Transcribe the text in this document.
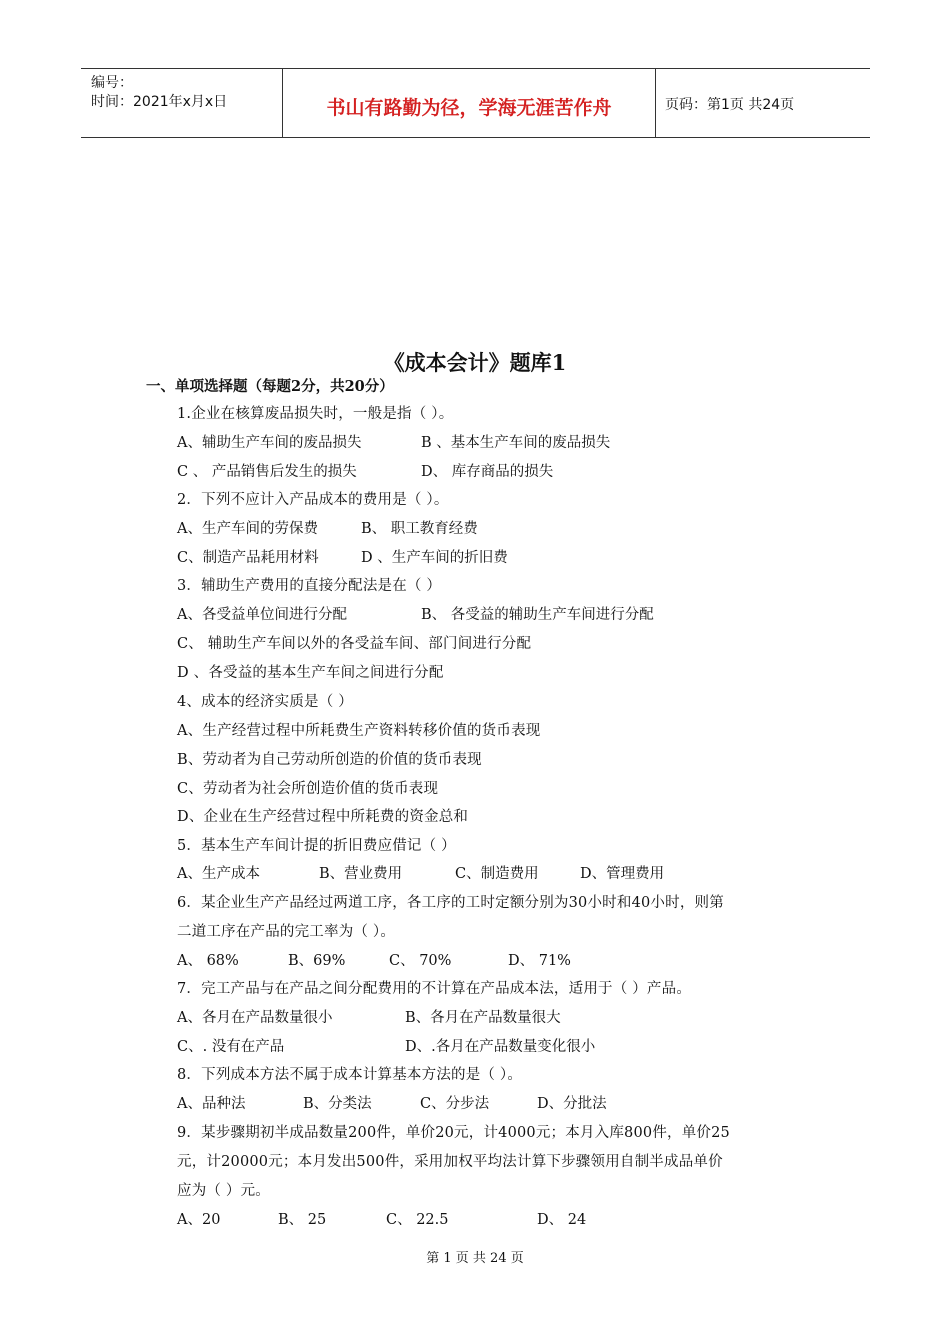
编号：
时间：2021年x月x日	书山有路勤为径，学海无涯苦作舟	页码：第1页 共24页
《成本会计》题库1
一、单项选择题（每题2分，共20分）
1.企业在核算废品损失时，一般是指（ ）。
2．下列不应计入产品成本的费用是（ ）。
3．辅助生产费用的直接分配法是在（ ）
C、 辅助生产车间以外的各受益车间、部门间进行分配
D 、各受益的基本生产车间之间进行分配
4、成本的经济实质是（ ）
A、生产经营过程中所耗费生产资料转移价值的货币表现
B、劳动者为自己劳动所创造的价值的货币表现
C、劳动者为社会所创造价值的货币表现
D、企业在生产经营过程中所耗费的资金总和
5．基本生产车间计提的折旧费应借记（ ）
6．某企业生产产品经过两道工序，各工序的工时定额分别为30小时和40小时，则第
二道工序在产品的完工率为（ ）。
7．完工产品与在产品之间分配费用的不计算在产品成本法，适用于（ ）产品。
8．下列成本方法不属于成本计算基本方法的是（ ）。
9．某步骤期初半成品数量200件，单价20元，计4000元；本月入库800件，单价25
元，计20000元；本月发出500件，采用加权平均法计算下步骤领用自制半成品单价
应为（ ）元。
A、辅助生产车间的废品损失	B 、基本生产车间的废品损失
C 、 产品销售后发生的损失	D、 库存商品的损失
A、生产车间的劳保费	B、 职工教育经费
C、制造产品耗用材料	D 、生产车间的折旧费
A、各受益单位间进行分配	B、 各受益的辅助生产车间进行分配
A、生产成本	B、营业费用	C、制造费用	D、管理费用
A、 68%	B、69%	C、 70%	D、 71%
A、各月在产品数量很小	B、各月在产品数量很大
C、. 没有在产品	D、.各月在产品数量变化很小
A、品种法	B、分类法	C、分步法	D、分批法
A、20	B、 25	C、 22.5	D、 24
第 1 页 共 24 页
